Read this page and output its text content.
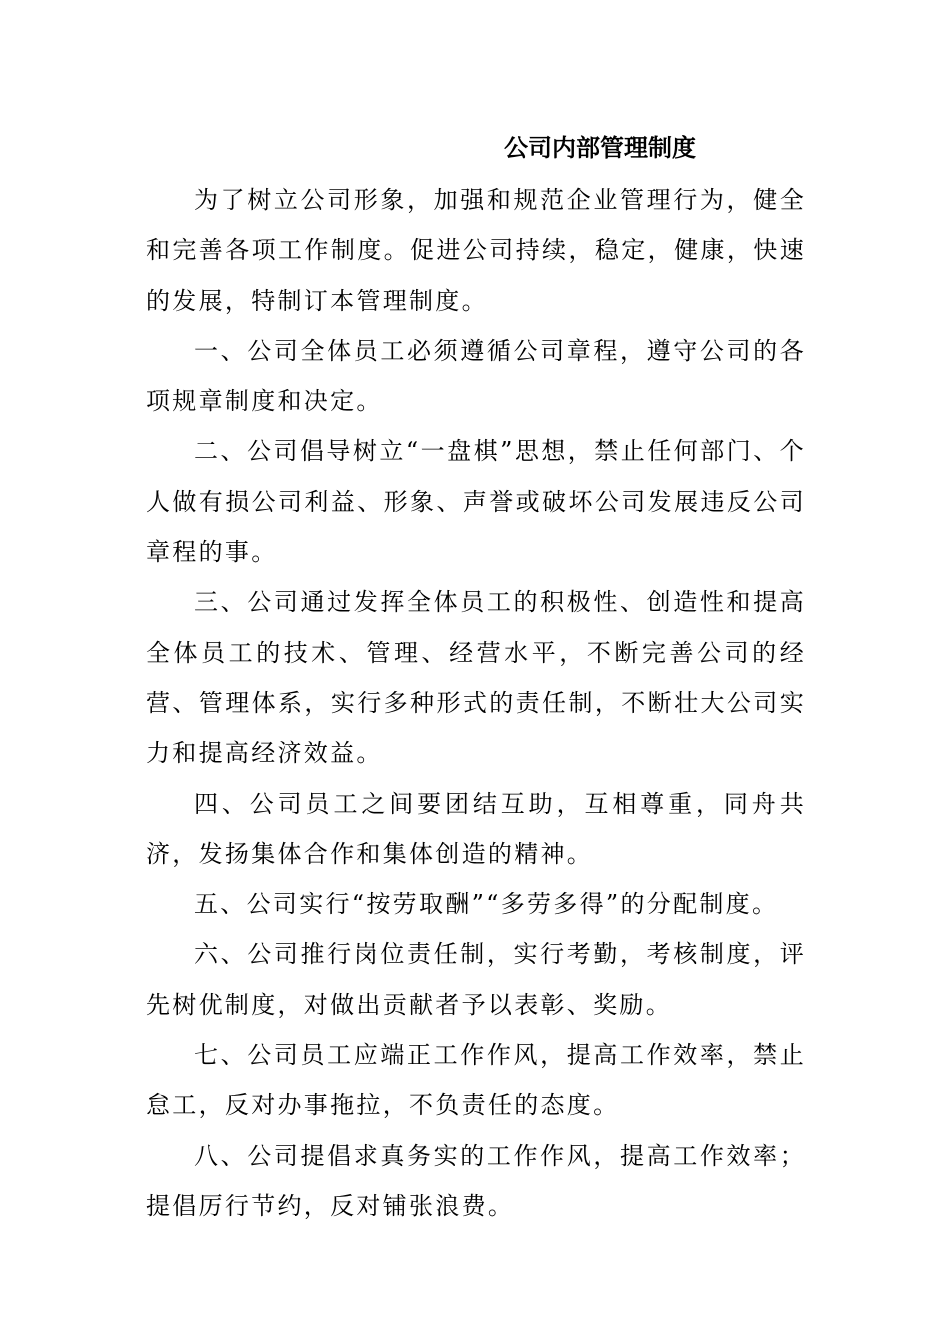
公司内部管理制度

为了树立公司形象，加强和规范企业管理行为，健全和完善各项工作制度。促进公司持续，稳定，健康，快速的发展，特制订本管理制度。

一、公司全体员工必须遵循公司章程，遵守公司的各项规章制度和决定。

二、公司倡导树立“一盘棋”思想，禁止任何部门、个人做有损公司利益、形象、声誉或破坏公司发展违反公司章程的事。

三、公司通过发挥全体员工的积极性、创造性和提高全体员工的技术、管理、经营水平，不断完善公司的经营、管理体系，实行多种形式的责任制，不断壮大公司实力和提高经济效益。

四、公司员工之间要团结互助，互相尊重，同舟共济，发扬集体合作和集体创造的精神。

五、公司实行“按劳取酬”“多劳多得”的分配制度。

六、公司推行岗位责任制，实行考勤，考核制度，评先树优制度，对做出贡献者予以表彰、奖励。

七、公司员工应端正工作作风，提高工作效率，禁止怠工，反对办事拖拉，不负责任的态度。

八、公司提倡求真务实的工作作风，提高工作效率；提倡厉行节约，反对铺张浪费。
